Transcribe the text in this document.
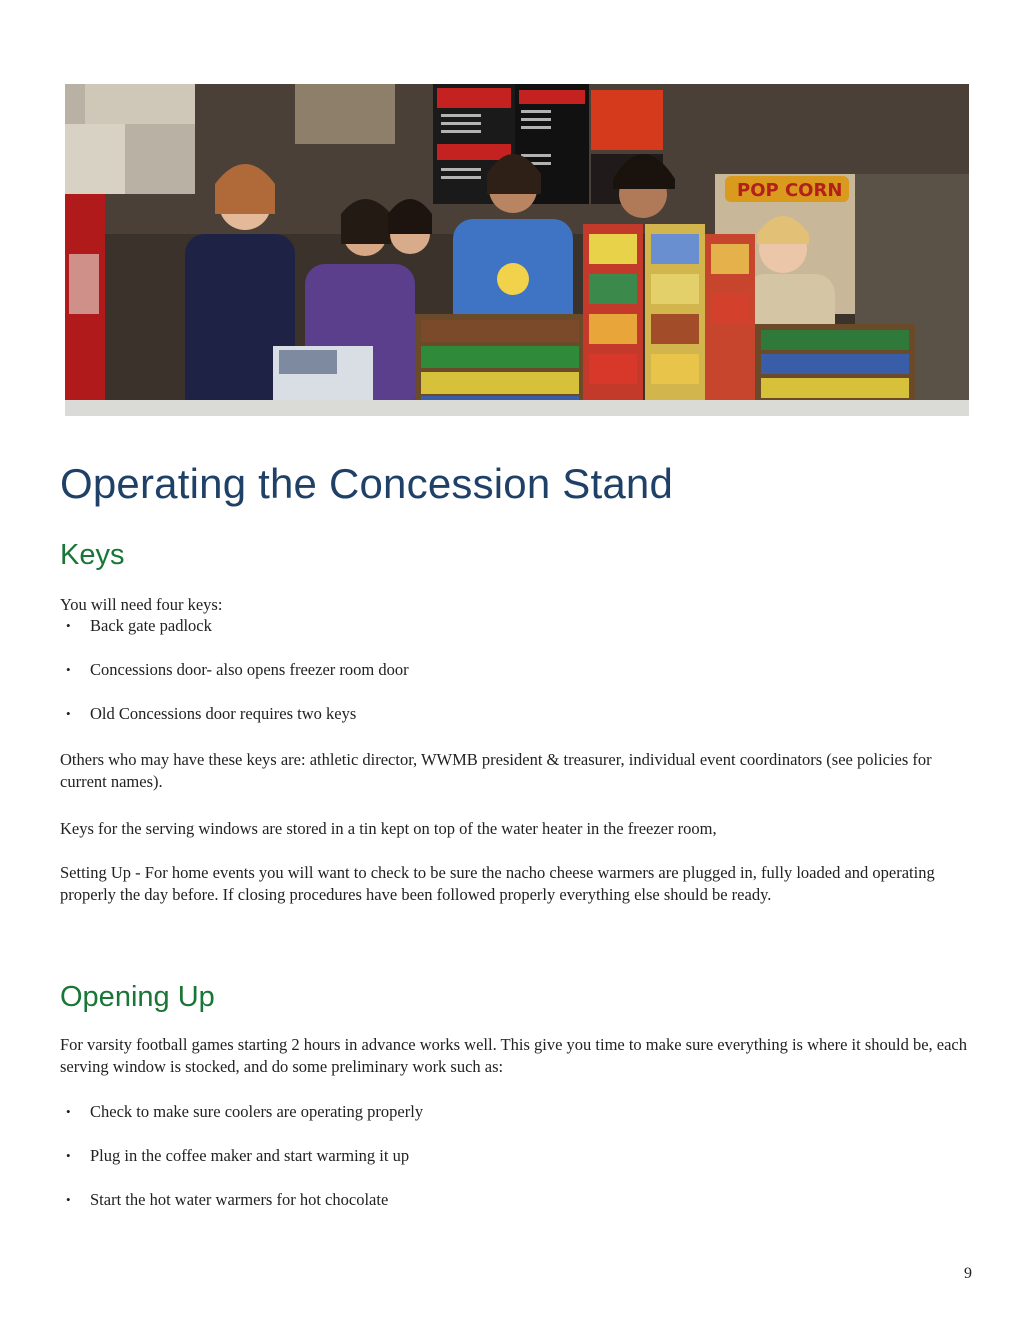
POP CORN
Operating the Concession Stand
Keys

You will need four keys:

• Back gate padlock
• Concessions door- also opens freezer room door
• Old Concessions door requires two keys

Others who may have these keys are: athletic director, WWMB president & treasurer, individual event coordinators (see policies for current names).

Keys for the serving windows are stored in a tin kept on top of the water heater in the freezer room,

Setting Up - For home events you will want to check to be sure the nacho cheese warmers are plugged in, fully loaded and operating properly the day before. If closing procedures have been followed properly everything else should be ready.

Opening Up

For varsity football games starting 2 hours in advance works well. This give you time to make sure everything is where it should be, each serving window is stocked, and do some preliminary work such as:

• Check to make sure coolers are operating properly
• Plug in the coffee maker and start warming it up
• Start the hot water warmers for hot chocolate
9
